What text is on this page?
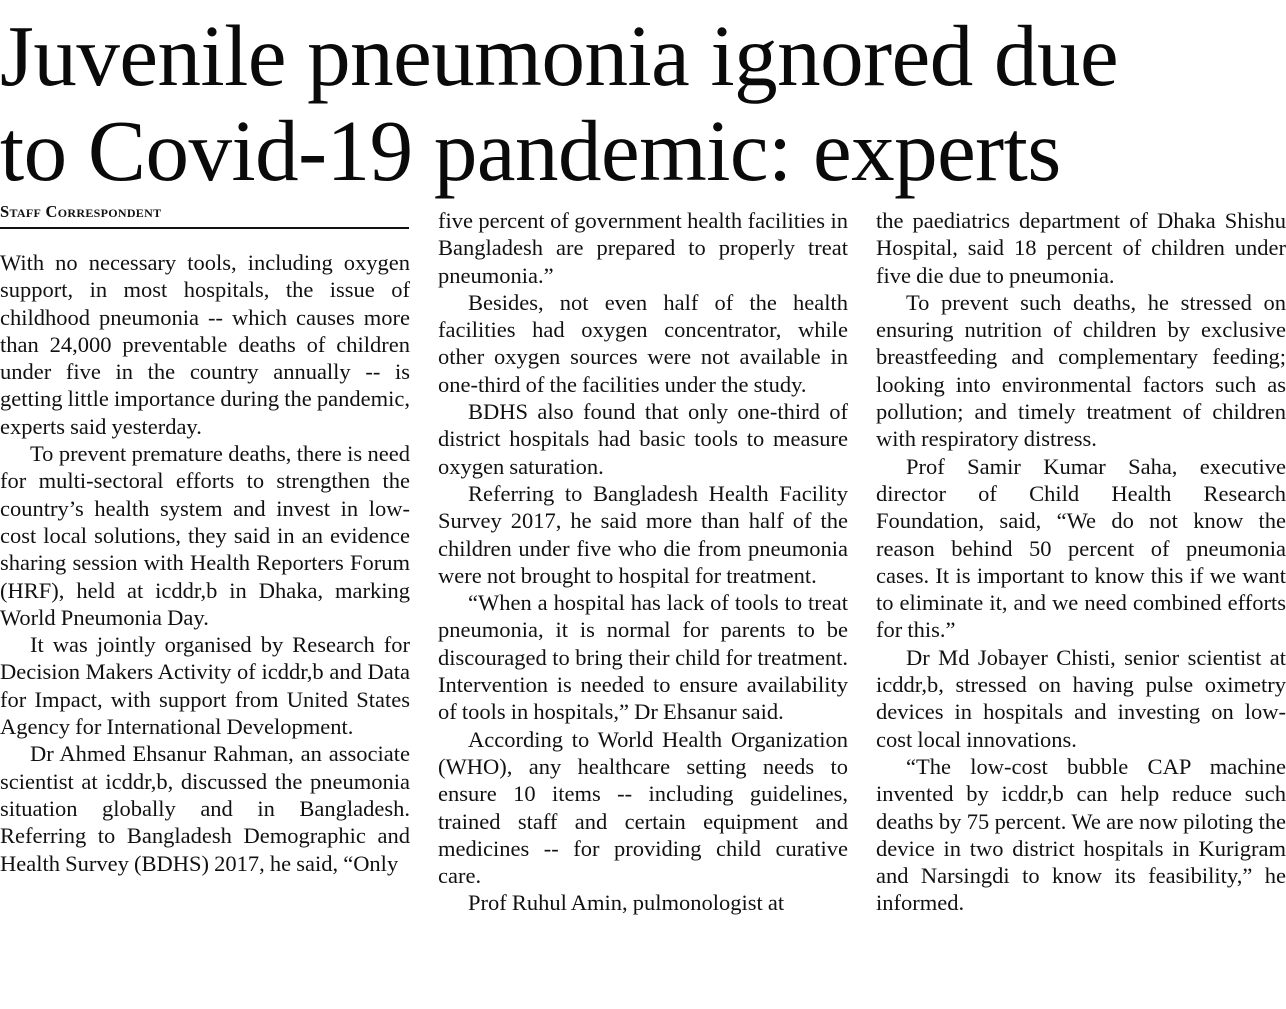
Juvenile pneumonia ignored due
to Covid-19 pandemic: experts
Staff Correspondent

With no necessary tools, including oxygen support, in most hospitals, the issue of childhood pneumonia -- which causes more than 24,000 preventable deaths of children under five in the country annually -- is getting little importance during the pandemic, experts said yesterday.

To prevent premature deaths, there is need for multi-sectoral efforts to strengthen the country’s health system and invest in low-cost local solutions, they said in an evidence sharing session with Health Reporters Forum (HRF), held at icddr,b in Dhaka, marking World Pneumonia Day.

It was jointly organised by Research for Decision Makers Activity of icddr,b and Data for Impact, with support from United States Agency for International Development.

Dr Ahmed Ehsanur Rahman, an associate scientist at icddr,b, discussed the pneumonia situation globally and in Bangladesh. Referring to Bangladesh Demographic and Health Survey (BDHS) 2017, he said, “Only

five percent of government health facilities in Bangladesh are prepared to properly treat pneumonia.”

Besides, not even half of the health facilities had oxygen concentrator, while other oxygen sources were not available in one-third of the facilities under the study.

BDHS also found that only one-third of district hospitals had basic tools to measure oxygen saturation.

Referring to Bangladesh Health Facility Survey 2017, he said more than half of the children under five who die from pneumonia were not brought to hospital for treatment.

“When a hospital has lack of tools to treat pneumonia, it is normal for parents to be discouraged to bring their child for treatment. Intervention is needed to ensure availability of tools in hospitals,” Dr Ehsanur said.

According to World Health Organization (WHO), any healthcare setting needs to ensure 10 items -- including guidelines, trained staff and certain equipment and medicines -- for providing child curative care.

Prof Ruhul Amin, pulmonologist at

the paediatrics department of Dhaka Shishu Hospital, said 18 percent of children under five die due to pneumonia.

To prevent such deaths, he stressed on ensuring nutrition of children by exclusive breastfeeding and complementary feeding; looking into environmental factors such as pollution; and timely treatment of children with respiratory distress.

Prof Samir Kumar Saha, executive director of Child Health Research Foundation, said, “We do not know the reason behind 50 percent of pneumonia cases. It is important to know this if we want to eliminate it, and we need combined efforts for this.”

Dr Md Jobayer Chisti, senior scientist at icddr,b, stressed on having pulse oximetry devices in hospitals and investing on low-cost local innovations.

“The low-cost bubble CAP machine invented by icddr,b can help reduce such deaths by 75 percent. We are now piloting the device in two district hospitals in Kurigram and Narsingdi to know its feasibility,” he informed.
